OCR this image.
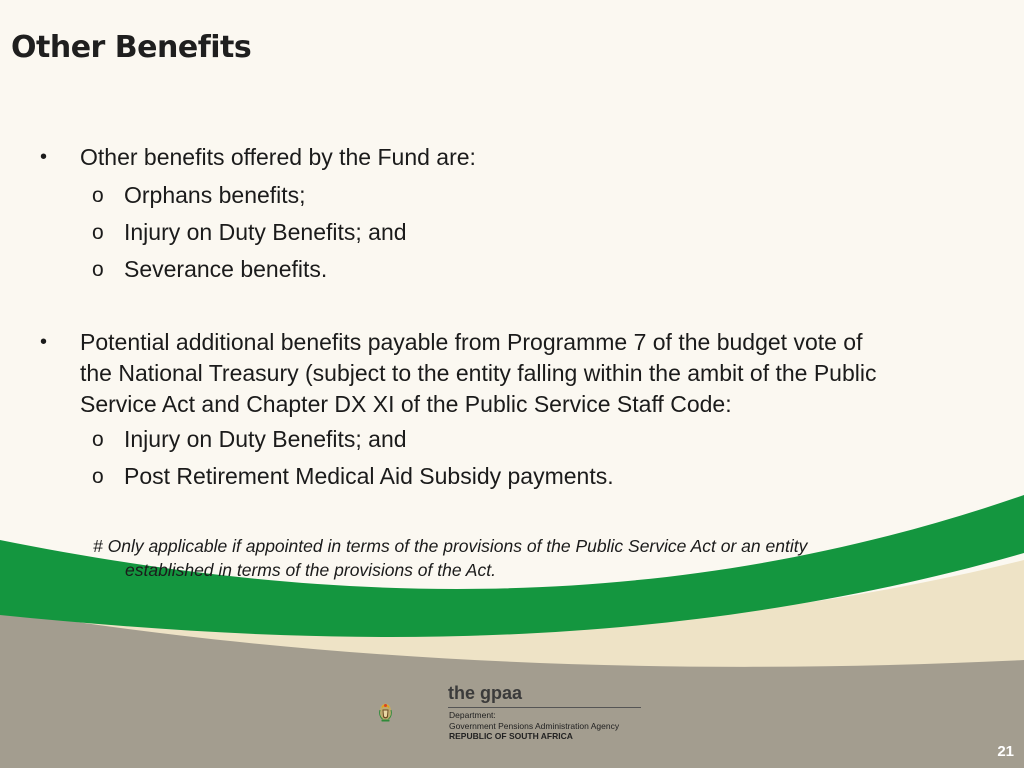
Other Benefits
•	Other benefits offered by the Fund are:
o Orphans benefits;
o Injury on Duty Benefits; and
o Severance benefits.
•	Potential additional benefits payable from Programme 7 of the budget vote of
the National Treasury (subject to the entity falling within the ambit of the Public
Service Act and Chapter DX XI of the Public Service Staff Code:
o Injury on Duty Benefits; and
o Post Retirement Medical Aid Subsidy payments.
# Only applicable if appointed in terms of the provisions of the Public Service Act or an entity
established in terms of the provisions of the Act.
the gpaa
Department:
Government Pensions Administration Agency
REPUBLIC OF SOUTH AFRICA
21
